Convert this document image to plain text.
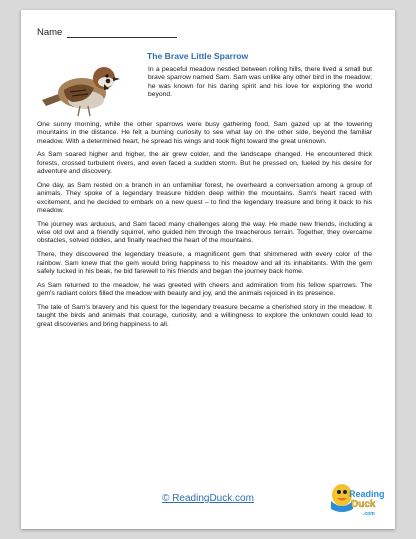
Name
The Brave Little Sparrow

In a peaceful meadow nestled between rolling hills, there lived a small but brave sparrow named Sam. Sam was unlike any other bird in the meadow; he was known for his daring spirit and his love for exploring the world beyond.

One sunny morning, while the other sparrows were busy gathering food, Sam gazed up at the towering mountains in the distance. He felt a burning curiosity to see what lay on the other side, beyond the familiar meadow. With a determined heart, he spread his wings and took flight toward the great unknown.

As Sam soared higher and higher, the air grew colder, and the landscape changed. He encountered thick forests, crossed turbulent rivers, and even faced a sudden storm. But he pressed on, fueled by his desire for adventure and discovery.

One day, as Sam rested on a branch in an unfamiliar forest, he overheard a conversation among a group of animals. They spoke of a legendary treasure hidden deep within the mountains. Sam's heart raced with excitement, and he decided to embark on a new quest – to find the legendary treasure and bring it back to his meadow.

The journey was arduous, and Sam faced many challenges along the way. He made new friends, including a wise old owl and a friendly squirrel, who guided him through the treacherous terrain. Together, they overcame obstacles, solved riddles, and finally reached the heart of the mountains.

There, they discovered the legendary treasure, a magnificent gem that shimmered with every color of the rainbow. Sam knew that the gem would bring happiness to his meadow and all its inhabitants. With the gem safely tucked in his beak, he bid farewell to his friends and began the journey back home.

As Sam returned to the meadow, he was greeted with cheers and admiration from his fellow sparrows. The gem's radiant colors filled the meadow with beauty and joy, and the animals rejoiced in its presence.

The tale of Sam's bravery and his quest for the legendary treasure became a cherished story in the meadow. It taught the birds and animals that courage, curiosity, and a willingness to explore the unknown could lead to great discoveries and bring happiness to all.

© ReadingDuck.com	Reading
Duck
.com
